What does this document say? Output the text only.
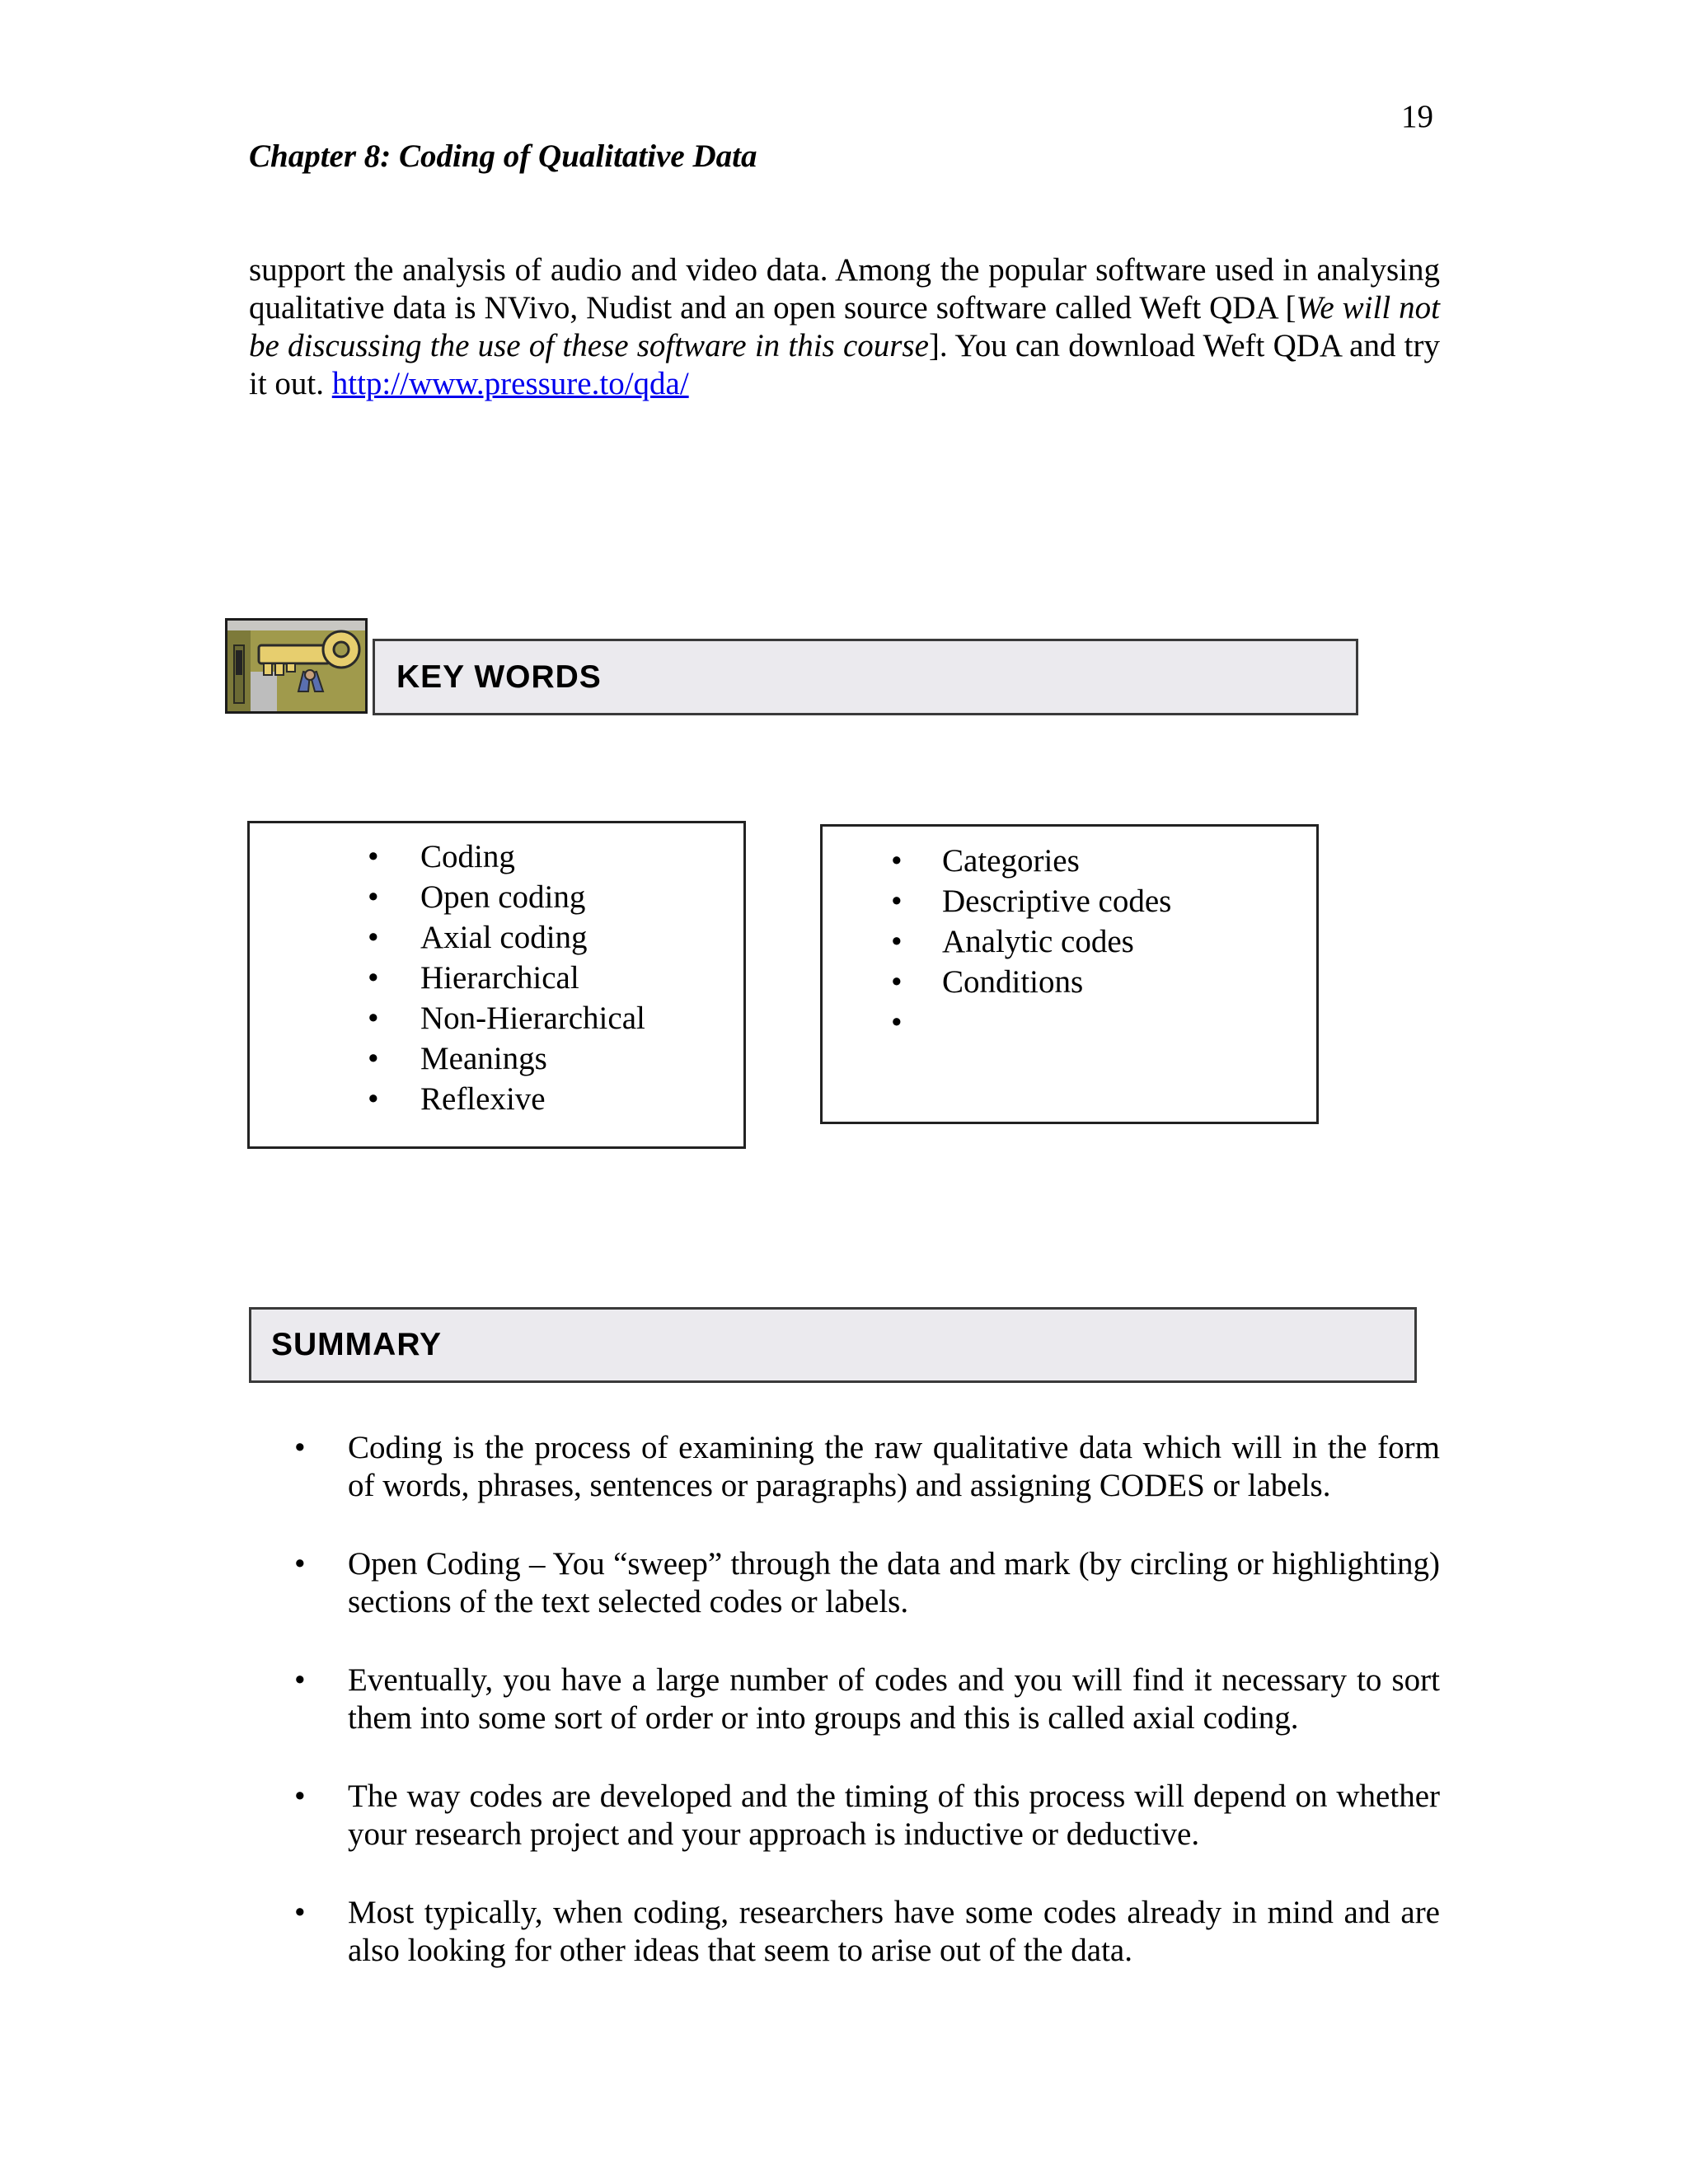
19
Chapter 8: Coding of Qualitative Data

support the analysis of audio and video data. Among the popular software used in analysing qualitative data is NVivo, Nudist and an open source software called Weft QDA [We will not be discussing the use of these software in this course]. You can download Weft QDA and try it out. http://www.pressure.to/qda/

KEY WORDS
• Coding
• Open coding
• Axial coding
• Hierarchical
• Non-Hierarchical
• Meanings
• Reflexive
• Categories
• Descriptive codes
• Analytic codes
• Conditions
•
SUMMARY
• Coding is the process of examining the raw qualitative data which will in the form of words, phrases, sentences or paragraphs) and assigning CODES or labels.
• Open Coding – You “sweep” through the data and mark (by circling or highlighting) sections of the text selected codes or labels.
• Eventually, you have a large number of codes and you will find it necessary to sort them into some sort of order or into groups and this is called axial coding.
• The way codes are developed and the timing of this process will depend on whether your research project and your approach is inductive or deductive.
• Most typically, when coding, researchers have some codes already in mind and are also looking for other ideas that seem to arise out of the data.
